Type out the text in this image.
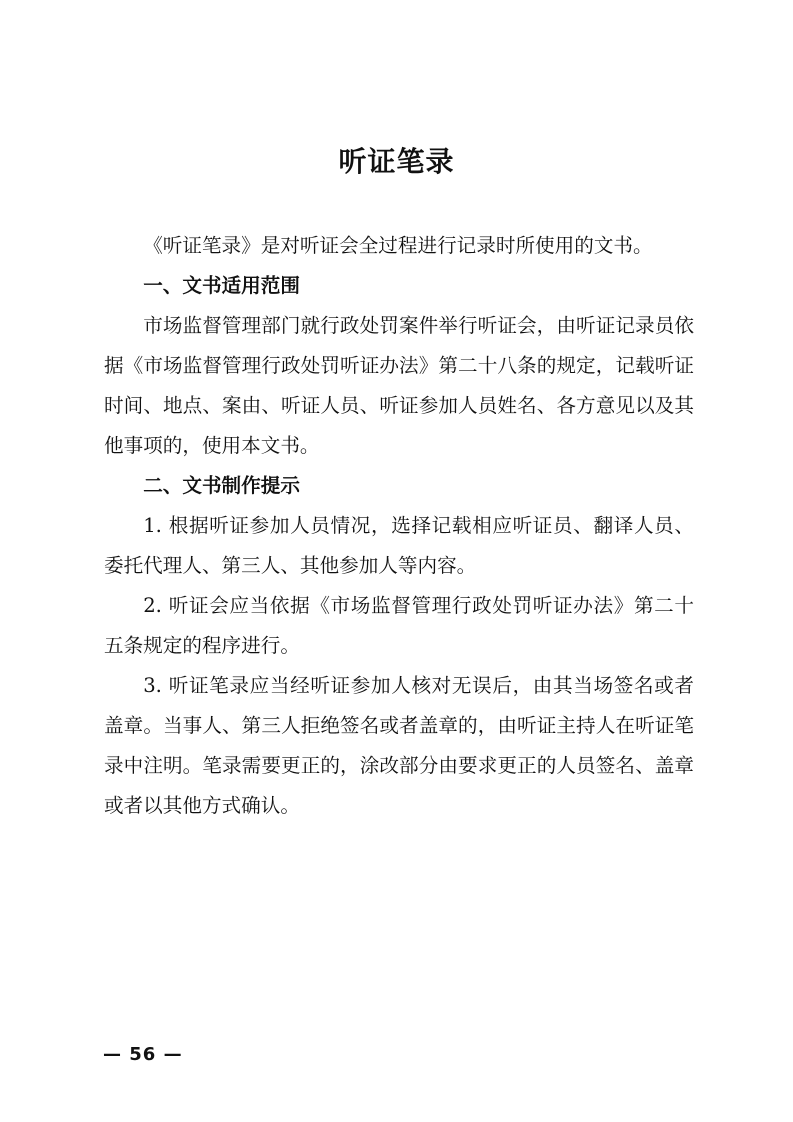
听证笔录

《听证笔录》是对听证会全过程进行记录时所使用的文书。

一、文书适用范围

市场监督管理部门就行政处罚案件举行听证会，由听证记录员依据《市场监督管理行政处罚听证办法》第二十八条的规定，记载听证时间、地点、案由、听证人员、听证参加人员姓名、各方意见以及其他事项的，使用本文书。

二、文书制作提示

1. 根据听证参加人员情况，选择记载相应听证员、翻译人员、委托代理人、第三人、其他参加人等内容。

2. 听证会应当依据《市场监督管理行政处罚听证办法》第二十五条规定的程序进行。

3. 听证笔录应当经听证参加人核对无误后，由其当场签名或者盖章。当事人、第三人拒绝签名或者盖章的，由听证主持人在听证笔录中注明。笔录需要更正的，涂改部分由要求更正的人员签名、盖章或者以其他方式确认。

— 56 —
